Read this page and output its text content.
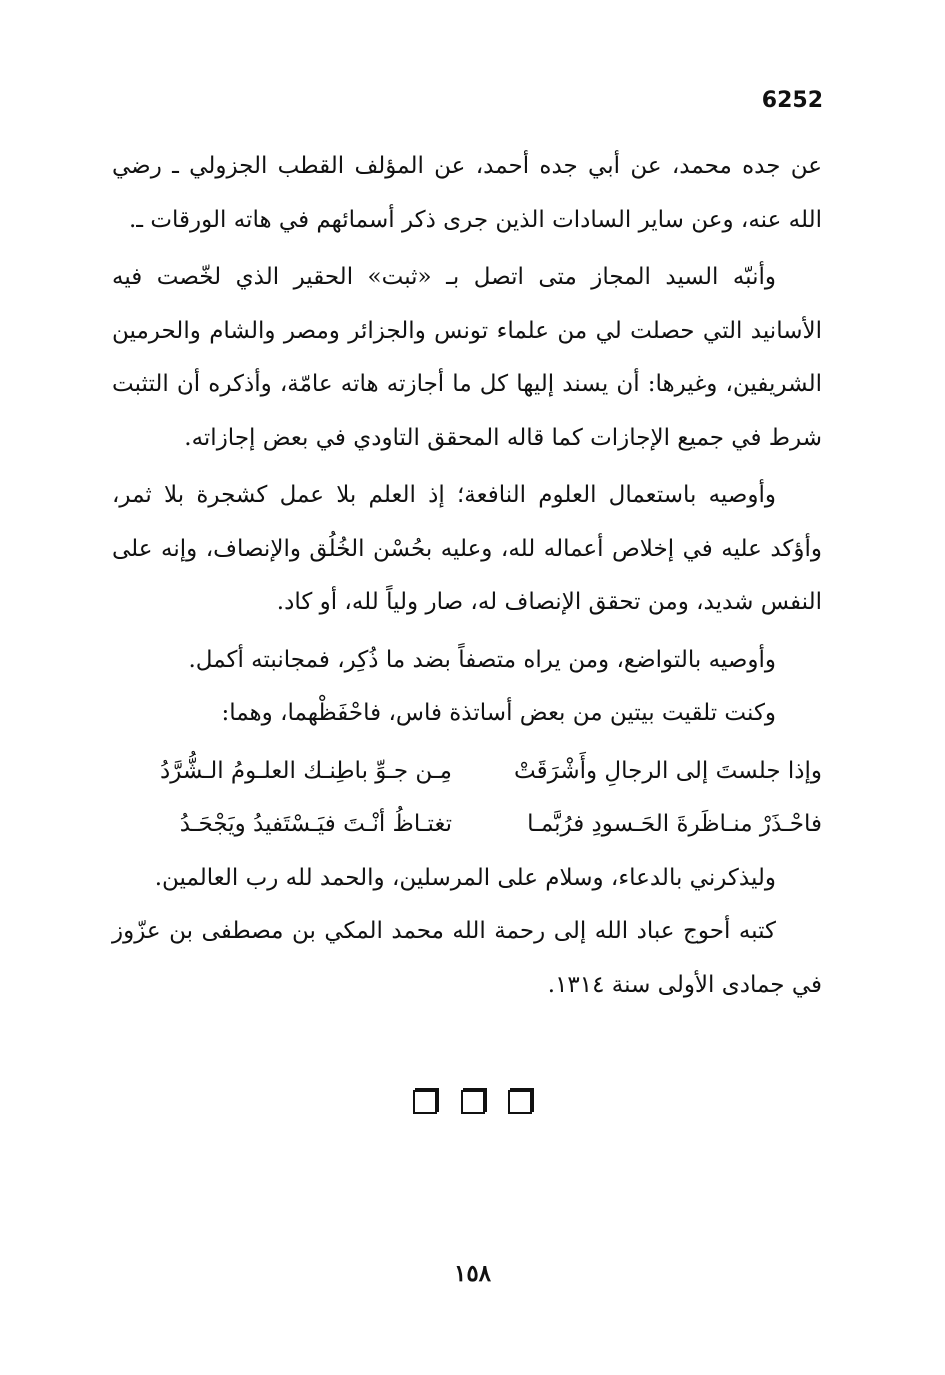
6252

عن جده محمد، عن أبي جده أحمد، عن المؤلف القطب الجزولي ـ رضي الله عنه، وعن ساير السادات الذين جرى ذكر أسمائهم في هاته الورقات ـ.

وأنبّه السيد المجاز متى اتصل بـ «ثبت» الحقير الذي لخّصت فيه الأسانيد التي حصلت لي من علماء تونس والجزائر ومصر والشام والحرمين الشريفين، وغيرها: أن يسند إليها كل ما أجازته هاته عامّة، وأذكره أن التثبت شرط في جميع الإجازات كما قاله المحقق التاودي في بعض إجازاته.

وأوصيه باستعمال العلوم النافعة؛ إذ العلم بلا عمل كشجرة بلا ثمر، وأؤكد عليه في إخلاص أعماله لله، وعليه بحُسْن الخُلُق والإنصاف، وإنه على النفس شديد، ومن تحقق الإنصاف له، صار ولياً لله، أو كاد.

وأوصيه بالتواضع، ومن يراه متصفاً بضد ما ذُكِر، فمجانبته أكمل.

وكنت تلقيت بيتين من بعض أساتذة فاس، فاحْفَظْهما، وهما:

وإذا جلستَ إلى الرجالِ وأَشْرَقَتْ
مِـن جـوِّ باطِنـك العلـومُ الـشُّرَّدُ
فاحْـذَرْ منـاظَرةَ الحَـسودِ فرُبَّمـا
تغتـاظُ أنْـتَ فيَـسْتَفيدُ ويَجْحَـدُ

وليذكرني بالدعاء، وسلام على المرسلين، والحمد لله رب العالمين.

كتبه أحوج عباد الله إلى رحمة الله محمد المكي بن مصطفى بن عزّوز في جمادى الأولى سنة ١٣١٤.

١٥٨
